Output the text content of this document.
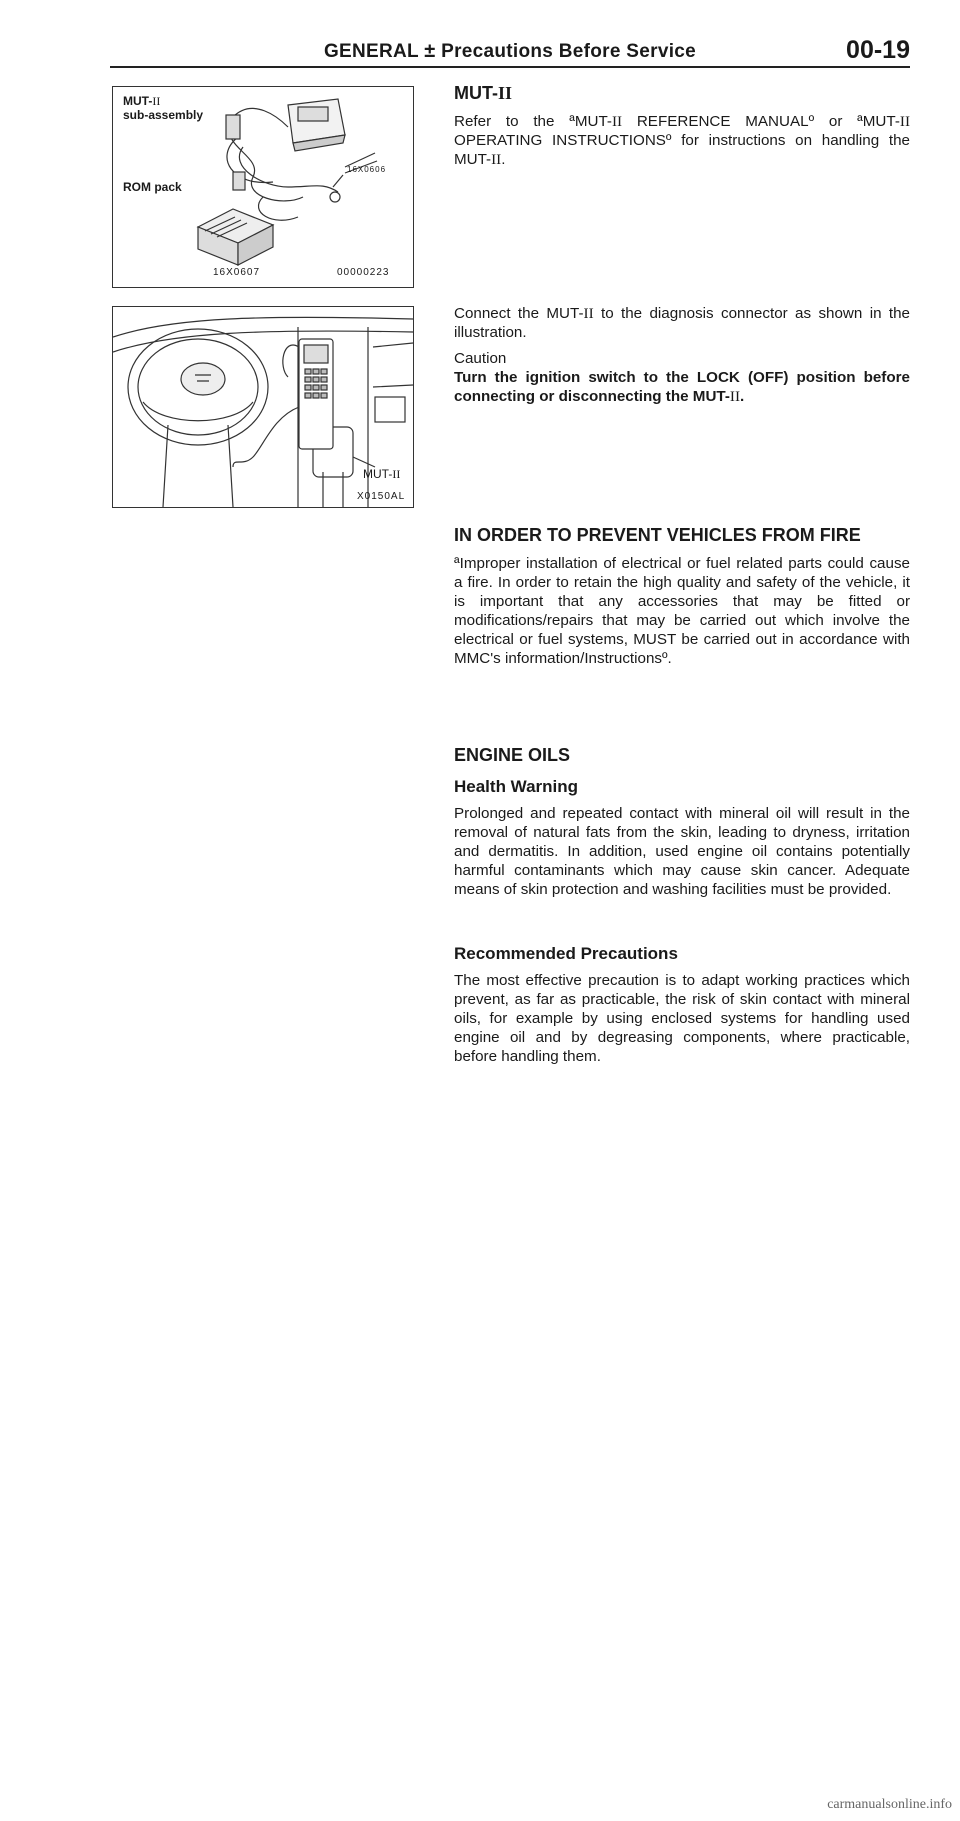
GENERAL ± Precautions Before Service	00-19
MUT-II
sub-assembly
ROM pack
16X0606
16X0607	00000223
MUT-II
X0150AL
MUT-II

Refer to the ªMUT-II REFERENCE MANUALº or ªMUT-II OPERATING INSTRUCTIONSº for instructions on handling the MUT-II.

Connect the MUT-II to the diagnosis connector as shown in the illustration.

Caution

Turn the ignition switch to the LOCK (OFF) position before connecting or disconnecting the MUT-II.

IN ORDER TO PREVENT VEHICLES FROM FIRE

ªImproper installation of electrical or fuel related parts could cause a fire. In order to retain the high quality and safety of the vehicle, it is important that any accessories that may be fitted or modifications/repairs that may be carried out which involve the electrical or fuel systems, MUST be carried out in accordance with MMC's information/Instructionsº.

ENGINE OILS
Health Warning

Prolonged and repeated contact with mineral oil will result in the removal of natural fats from the skin, leading to dryness, irritation and dermatitis. In addition, used engine oil contains potentially harmful contaminants which may cause skin cancer. Adequate means of skin protection and washing facilities must be provided.

Recommended Precautions

The most effective precaution is to adapt working practices which prevent, as far as practicable, the risk of skin contact with mineral oils, for example by using enclosed systems for handling used engine oil and by degreasing components, where practicable, before handling them.

carmanualsonline.info
